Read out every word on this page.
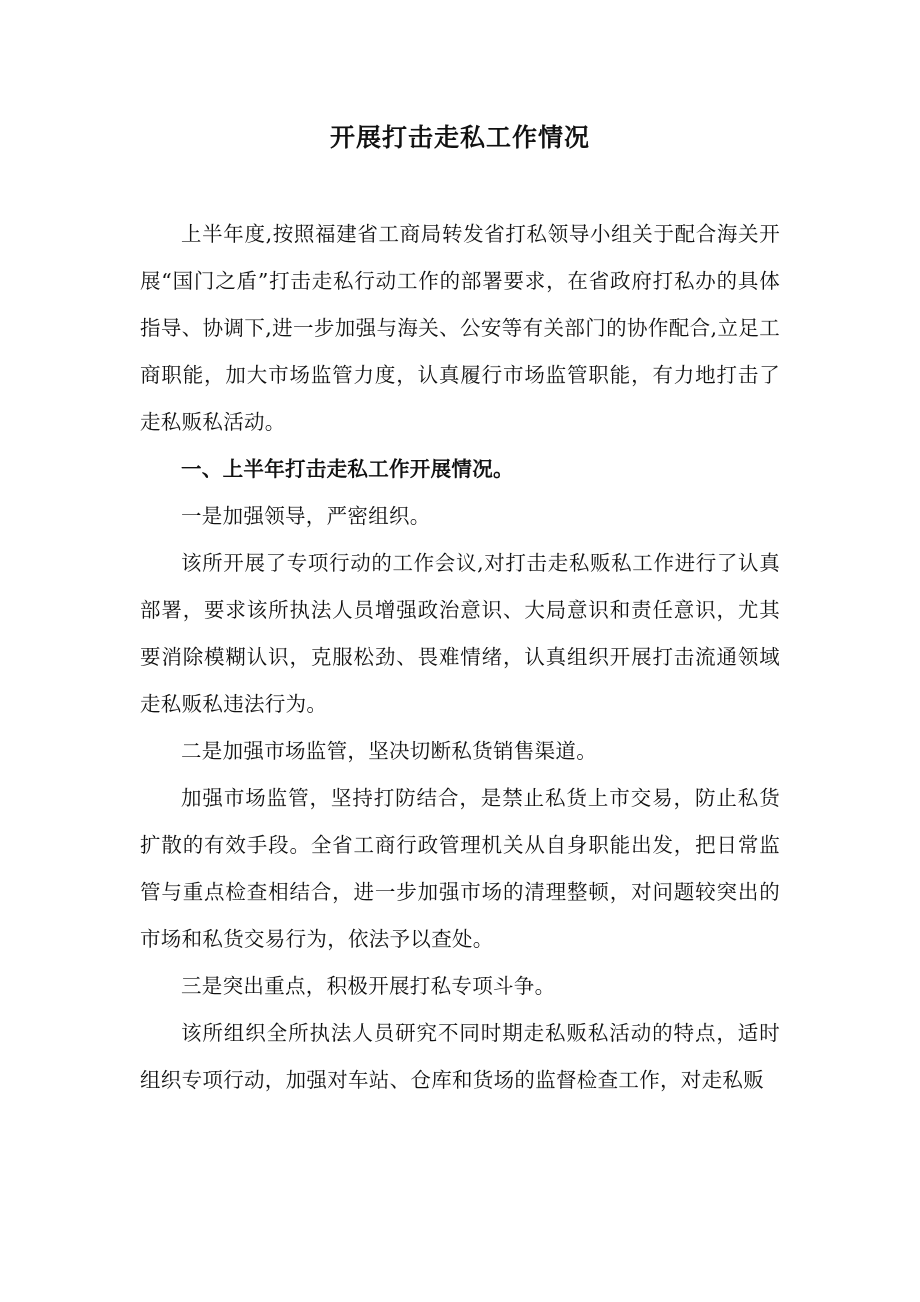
开展打击走私工作情况

上半年度,按照福建省工商局转发省打私领导小组关于配合海关开展“国门之盾”打击走私行动工作的部署要求，在省政府打私办的具体指导、协调下,进一步加强与海关、公安等有关部门的协作配合,立足工商职能，加大市场监管力度，认真履行市场监管职能，有力地打击了走私贩私活动。

一、上半年打击走私工作开展情况。

一是加强领导，严密组织。

该所开展了专项行动的工作会议,对打击走私贩私工作进行了认真部署，要求该所执法人员增强政治意识、大局意识和责任意识，尤其要消除模糊认识，克服松劲、畏难情绪，认真组织开展打击流通领域走私贩私违法行为。

二是加强市场监管，坚决切断私货销售渠道。

加强市场监管，坚持打防结合，是禁止私货上市交易，防止私货扩散的有效手段。全省工商行政管理机关从自身职能出发，把日常监管与重点检查相结合，进一步加强市场的清理整顿，对问题较突出的市场和私货交易行为，依法予以查处。

三是突出重点，积极开展打私专项斗争。

该所组织全所执法人员研究不同时期走私贩私活动的特点，适时组织专项行动，加强对车站、仓库和货场的监督检查工作，对走私贩
